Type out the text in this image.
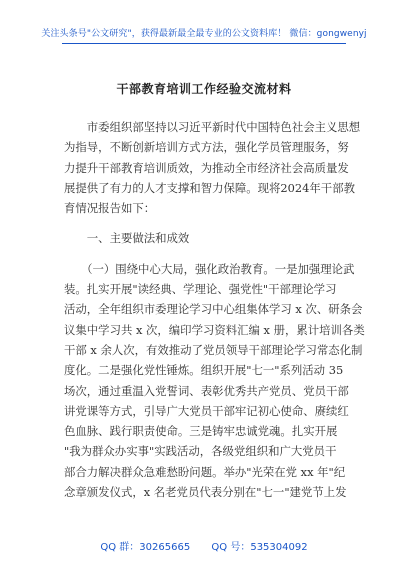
关注头条号"公文研究"，获得最新最全最专业的公文资料库！ 微信：gongwenyj
干部教育培训工作经验交流材料
　　市委组织部坚持以习近平新时代中国特色社会主义思想
为指导，不断创新培训方式方法，强化学员管理服务，努
力提升干部教育培训质效，为推动全市经济社会高质量发
展提供了有力的人才支撑和智力保障。现将2024年干部教
育情况报告如下：
　　一、主要做法和成效
　　（一）围绕中心大局，强化政治教育。一是加强理论武
装。扎实开展"读经典、学理论、强党性"干部理论学习
活动，全年组织市委理论学习中心组集体学习 x 次、研条会
议集中学习共 x 次，编印学习资料汇编 x 册，累计培训各类
干部 x 余人次，有效推动了党员领导干部理论学习常态化制
度化。二是强化党性锤炼。组织开展"七一"系列活动 35
场次，通过重温入党誓词、表彰优秀共产党员、党员干部
讲党课等方式，引导广大党员干部牢记初心使命、赓续红
色血脉、践行职责使命。三是铸牢忠诚党魂。扎实开展
"我为群众办实事"实践活动，各级党组织和广大党员干
部合力解决群众急难愁盼问题。举办"光荣在党 xx 年"纪
念章颁发仪式，x 名老党员代表分别在"七一"建党节上发
QQ 群：30265665 QQ 号：535304092
